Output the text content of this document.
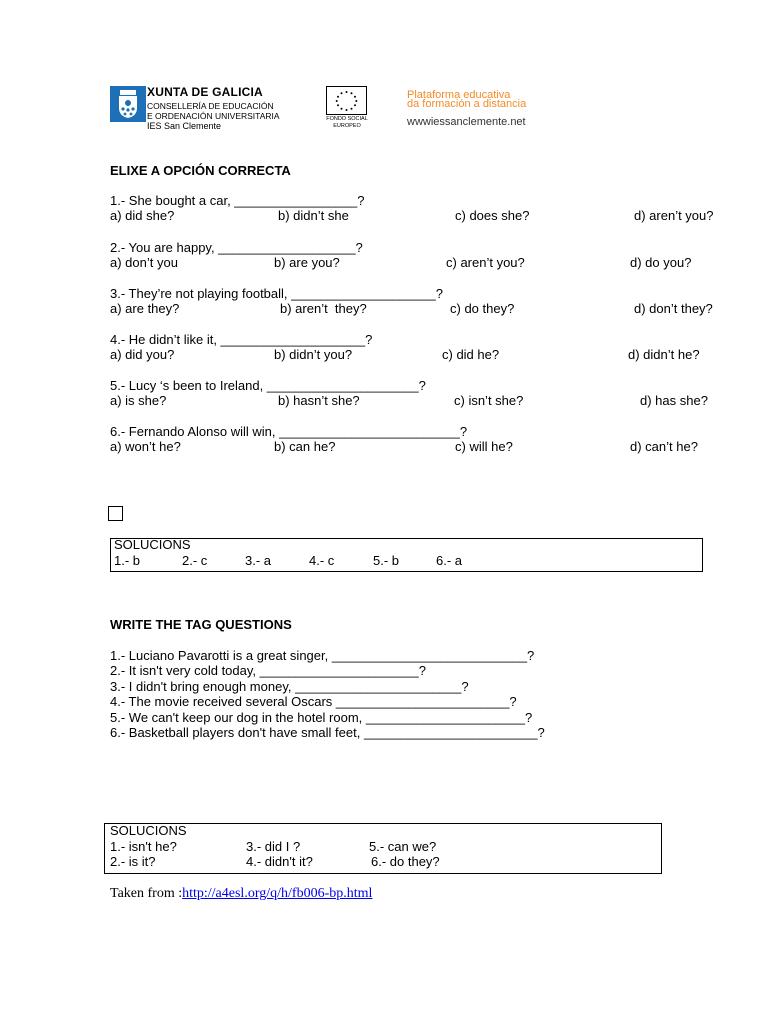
XUNTA DE GALICIA
CONSELLERÍA DE EDUCACIÓN
E ORDENACIÓN UNIVERSITARIA
IES San Clemente
FONDO SOCIAL
EUROPEO
Plataforma educativa
da formación a distancia
wwwiessanclemente.net
ELIXE A OPCIÓN CORRECTA
1.- She bought a car, _________________?
a) did she?	b) didn’t she	c) does she?	d) aren’t you?
2.- You are happy, ___________________?
a) don’t you	b) are you?	c) aren’t you?	d) do you?
3.- They’re not playing football, ____________________?
a) are they?	b) aren’t  they?	c) do they?	d) don’t they?
4.- He didn’t like it, ____________________?
a) did you?	b) didn’t you?	c) did he?	d) didn’t he?
5.- Lucy ‘s been to Ireland, _____________________?
a) is she?	b) hasn’t she?	c) isn’t she?	d) has she?
6.- Fernando Alonso will win, _________________________?
a) won’t he?	b) can he?	c) will he?	d) can’t he?
SOLUCIONS
1.- b	2.- c	3.- a	4.- c	5.- b	6.- a
WRITE THE TAG QUESTIONS
1.- Luciano Pavarotti is a great singer, ___________________________?
2.- It isn't very cold today, ______________________?
3.- I didn't bring enough money, _______________________?
4.- The movie received several Oscars ________________________?
5.- We can't keep our dog in the hotel room, ______________________?
6.- Basketball players don't have small feet, ________________________?
SOLUCIONS
1.- isn't he?	3.- did I ?	5.- can we?
2.- is it?	4.- didn't it?	6.- do they?
Taken from :http://a4esl.org/q/h/fb006-bp.html
